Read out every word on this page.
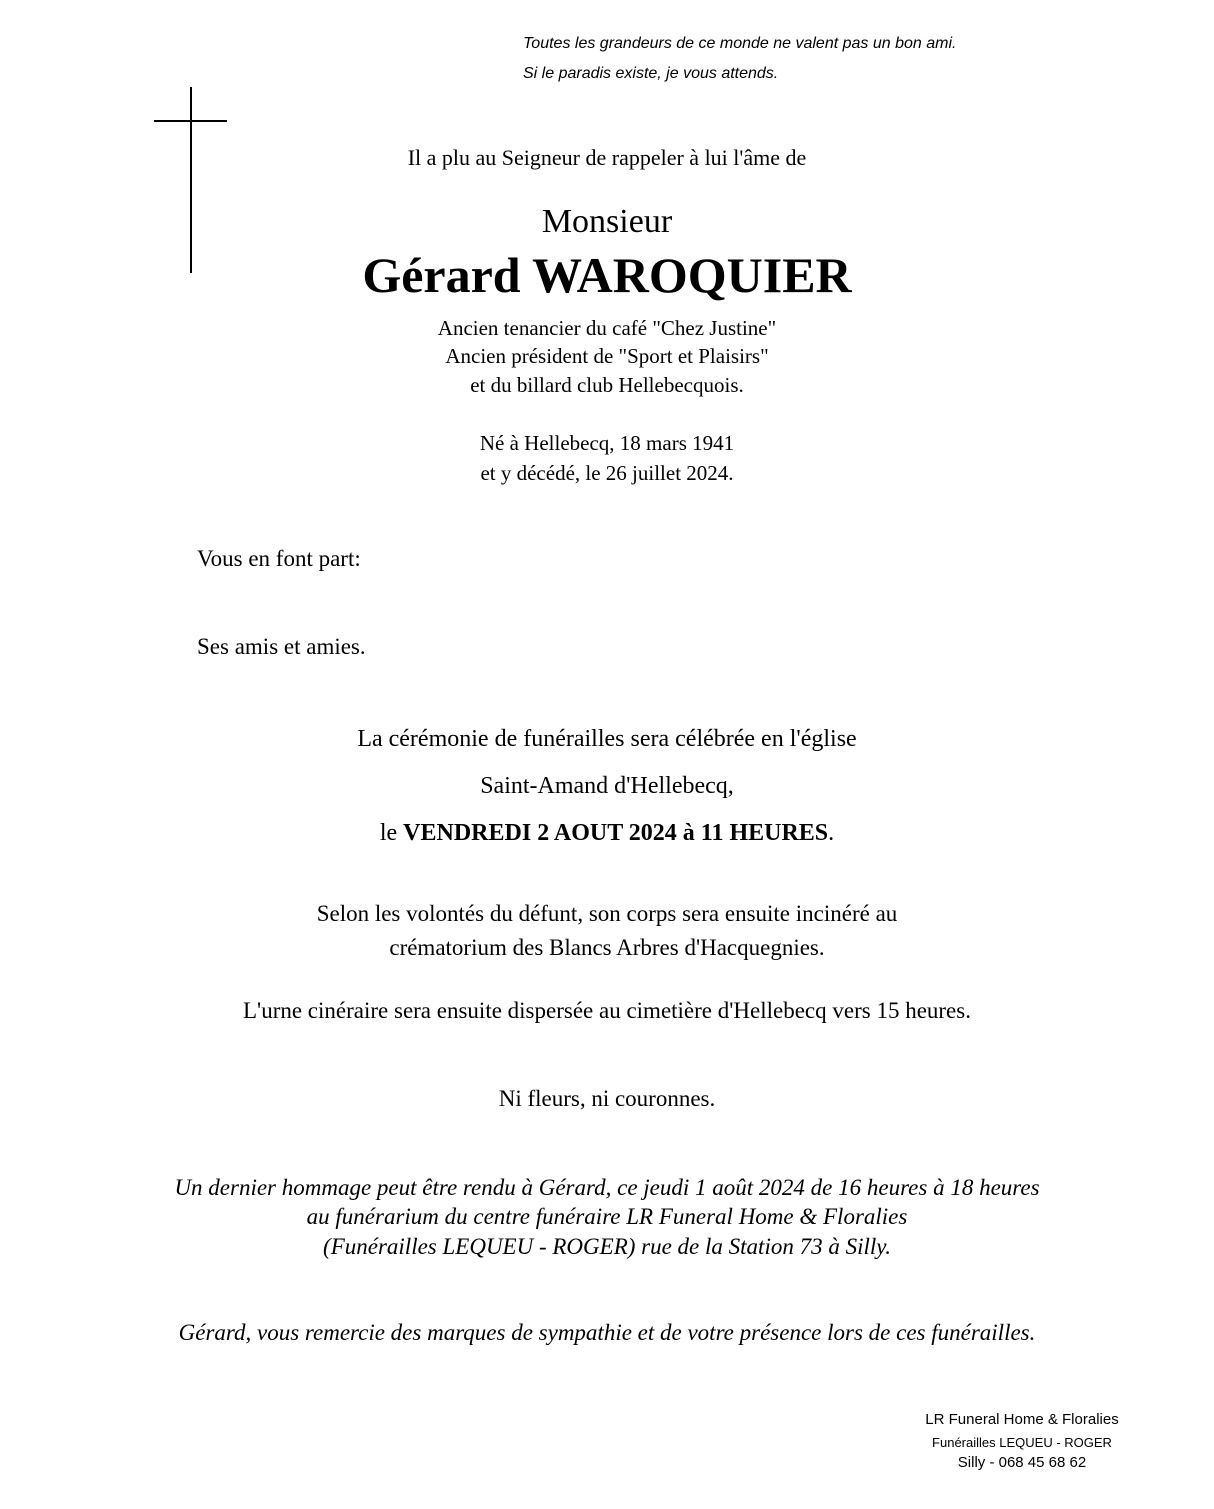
Toutes les grandeurs de ce monde ne valent pas un bon ami.
Si le paradis existe, je vous attends.
Il a plu au Seigneur de rappeler à lui l'âme de
Monsieur
Gérard WAROQUIER
Ancien tenancier du café "Chez Justine"
Ancien président de "Sport et Plaisirs"
et du billard club Hellebecquois.
Né à Hellebecq, 18 mars 1941
et y décédé, le 26 juillet 2024.
Vous en font part:
Ses amis et amies.
La cérémonie de funérailles sera célébrée en l'église
Saint-Amand d'Hellebecq,
le VENDREDI 2 AOUT 2024 à 11 HEURES.
Selon les volontés du défunt, son corps sera ensuite incinéré au
crématorium des Blancs Arbres d'Hacquegnies.
L'urne cinéraire sera ensuite dispersée au cimetière d'Hellebecq vers 15 heures.
Ni fleurs, ni couronnes.
Un dernier hommage peut être rendu à Gérard, ce jeudi 1 août 2024 de 16 heures à 18 heures
au funérarium du centre funéraire LR Funeral Home & Floralies
(Funérailles LEQUEU - ROGER) rue de la Station 73 à Silly.
Gérard, vous remercie des marques de sympathie et de votre présence lors de ces funérailles.
LR Funeral Home & Floralies
Funérailles LEQUEU - ROGER
Silly - 068 45 68 62
